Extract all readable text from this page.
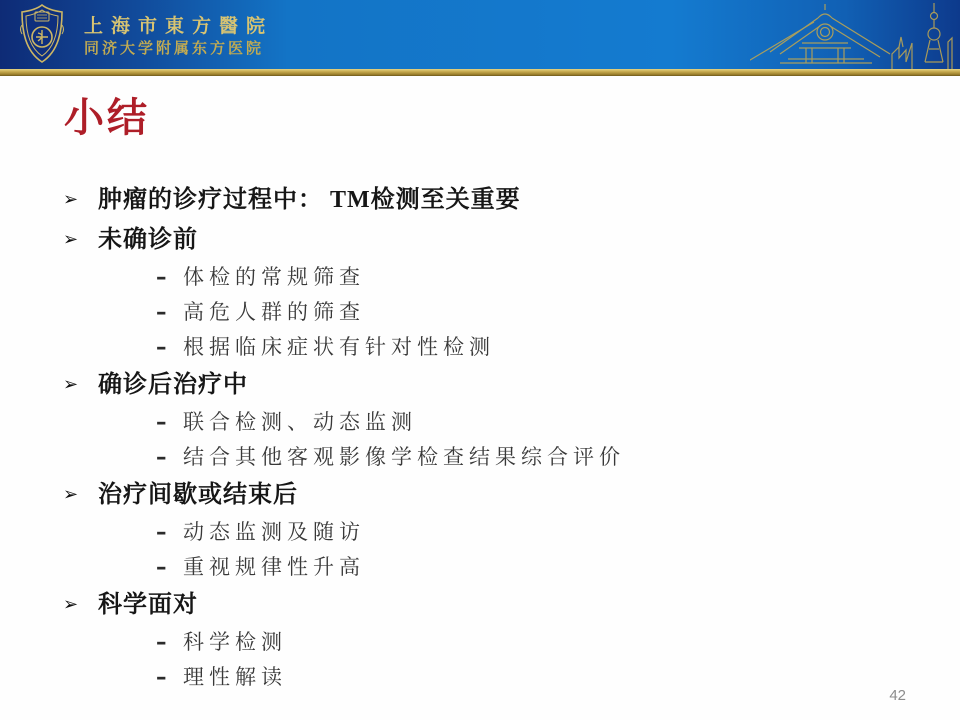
上海市東方醫院
同济大学附属东方医院
小结
➢ 肿瘤的诊疗过程中： TM检测至关重要
➢ 未确诊前
– 体检的常规筛查
– 高危人群的筛查
– 根据临床症状有针对性检测
➢ 确诊后治疗中
– 联合检测、动态监测
– 结合其他客观影像学检查结果综合评价
➢ 治疗间歇或结束后
– 动态监测及随访
– 重视规律性升高
➢ 科学面对
– 科学检测
– 理性解读
42
